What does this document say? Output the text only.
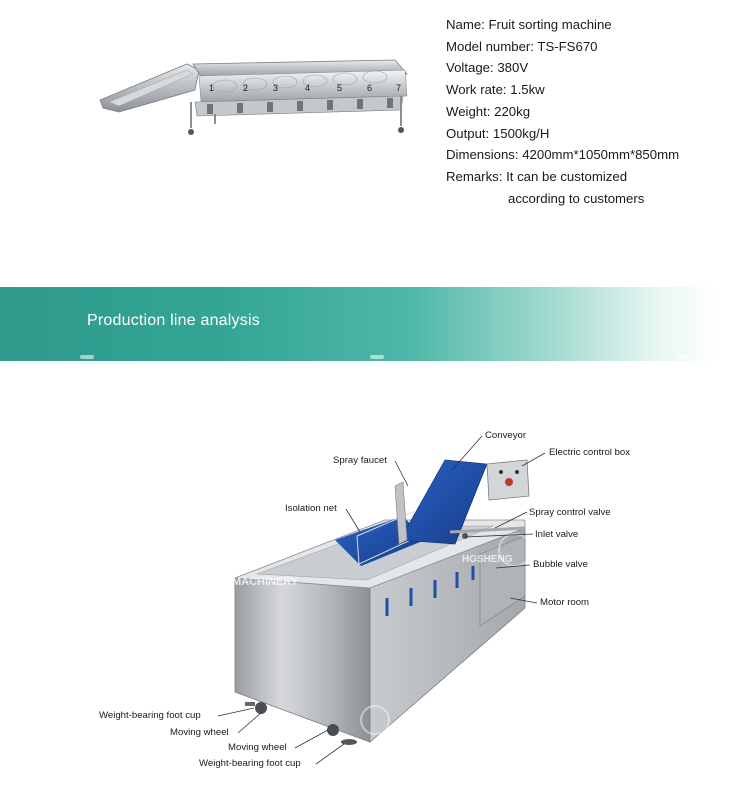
1	2	3	4	5	6	7
Name: Fruit sorting machine
Model number: TS-FS670
Voltage: 380V
Work rate: 1.5kw
Weight: 220kg
Output: 1500kg/H
Dimensions: 4200mm*1050mm*850mm
Remarks: It can be customized
according to customers
Production line analysis
MACHINERY
HGSHENG
Conveyor
Electric control box
Spray faucet
Isolation net	Spray control valve
Inlet valve
Bubble valve
Motor room
Weight-bearing foot cup
Moving wheel
Moving wheel
Weight-bearing foot cup
